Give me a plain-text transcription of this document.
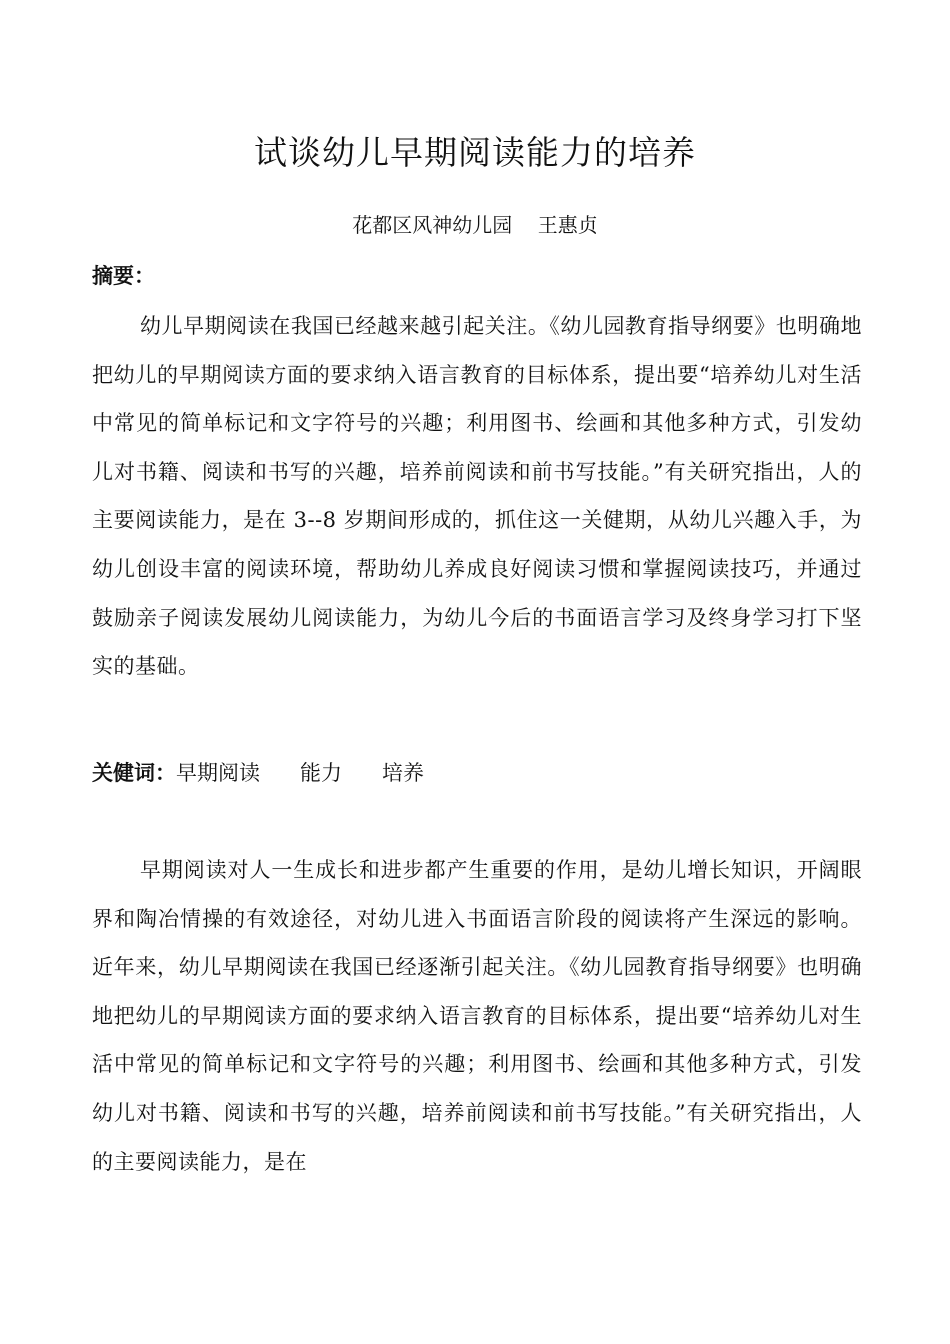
试谈幼儿早期阅读能力的培养
花都区风神幼儿园    王惠贞
摘要：

幼儿早期阅读在我国已经越来越引起关注。《幼儿园教育指导纲要》也明确地把幼儿的早期阅读方面的要求纳入语言教育的目标体系，提出要“培养幼儿对生活中常见的简单标记和文字符号的兴趣；利用图书、绘画和其他多种方式，引发幼儿对书籍、阅读和书写的兴趣，培养前阅读和前书写技能。”有关研究指出，人的主要阅读能力，是在 3--8 岁期间形成的，抓住这一关健期，从幼儿兴趣入手，为幼儿创设丰富的阅读环境，帮助幼儿养成良好阅读习惯和掌握阅读技巧，并通过鼓励亲子阅读发展幼儿阅读能力，为幼儿今后的书面语言学习及终身学习打下坚实的基础。

关健词：早期阅读 能力 培养

早期阅读对人一生成长和进步都产生重要的作用，是幼儿增长知识，开阔眼界和陶冶情操的有效途径，对幼儿进入书面语言阶段的阅读将产生深远的影响。近年来，幼儿早期阅读在我国已经逐渐引起关注。《幼儿园教育指导纲要》也明确地把幼儿的早期阅读方面的要求纳入语言教育的目标体系，提出要“培养幼儿对生活中常见的简单标记和文字符号的兴趣；利用图书、绘画和其他多种方式，引发幼儿对书籍、阅读和书写的兴趣，培养前阅读和前书写技能。”有关研究指出，人的主要阅读能力，是在
